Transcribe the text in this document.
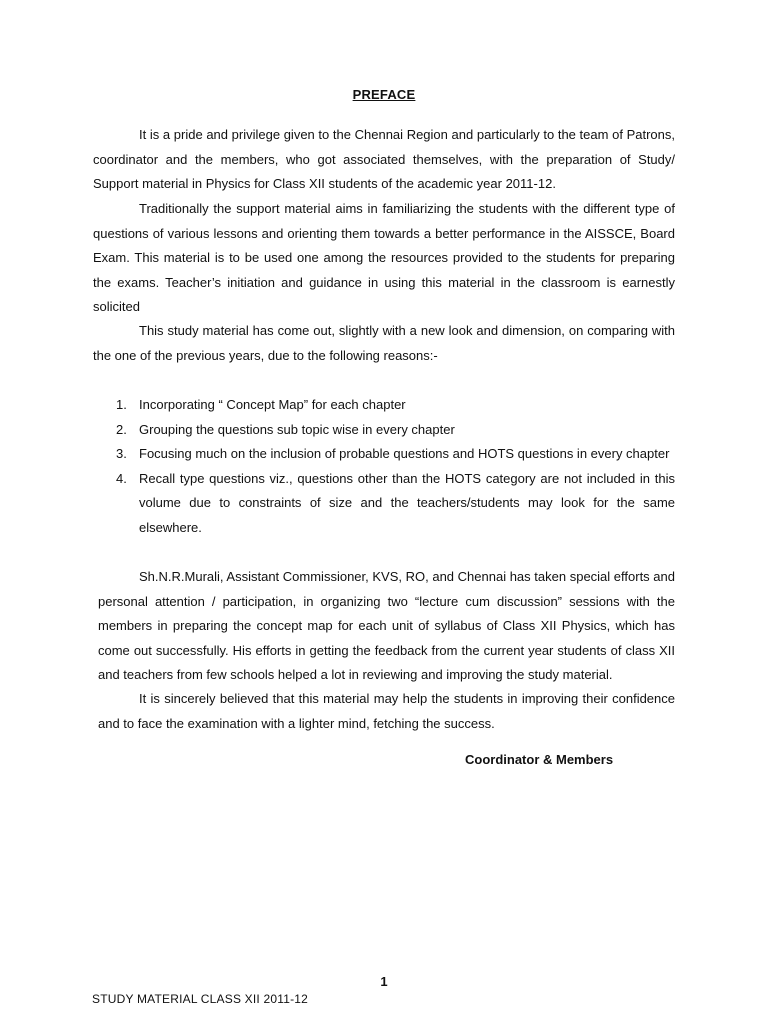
PREFACE
It is a pride and privilege given to the Chennai Region and particularly to the team of Patrons, coordinator and the members, who got associated themselves, with the preparation of Study/ Support material in Physics for Class XII students of the academic year 2011-12.
Traditionally the support material aims in familiarizing the students with the different type of questions of various lessons and orienting them towards a better performance in the AISSCE, Board Exam. This material is to be used one among the resources provided to the students for preparing the exams. Teacher’s initiation and guidance in using this material in the classroom is earnestly solicited
This study material has come out, slightly with a new look and dimension, on comparing with the one of the previous years, due to the following reasons:-
1. Incorporating “ Concept Map” for each chapter
2. Grouping the questions sub topic wise in every chapter
3. Focusing much on the inclusion of probable questions and HOTS questions in every chapter
4. Recall type questions viz., questions other than the HOTS category are not included in this volume due to constraints of size and the teachers/students may look for the same elsewhere.
Sh.N.R.Murali, Assistant Commissioner, KVS, RO, and Chennai has taken special efforts and personal attention / participation, in organizing two “lecture cum discussion” sessions with the members in preparing the concept map for each unit of syllabus of Class XII Physics, which has come out successfully. His efforts in getting the feedback from the current year students of class XII and teachers from few schools helped a lot in reviewing and improving the study material.
It is sincerely believed that this material may help the students in improving their confidence and to face the examination with a lighter mind, fetching the success.
Coordinator & Members
1
STUDY MATERIAL CLASS XII 2011-12
